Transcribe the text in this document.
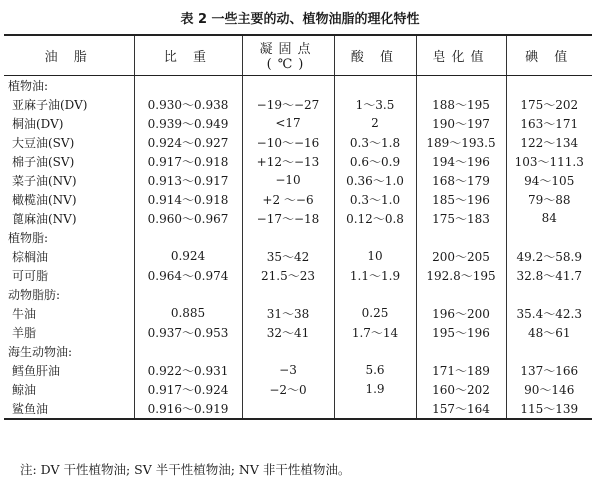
表 2 一些主要的动、植物油脂的理化特性
油 脂	比 重	凝固点(℃)	酸 值	皂化值	碘 值
植物油:					
亚麻子油(DV)	0.930～0.938	−19～−27	1～3.5	188～195	175～202
桐油(DV)	0.939～0.949	<17	2	190～197	163～171
大豆油(SV)	0.924～0.927	−10～−16	0.3～1.8	189～193.5	122～134
棉子油(SV)	0.917～0.918	+12～−13	0.6～0.9	194～196	103～111.3
菜子油(NV)	0.913～0.917	−10	0.36～1.0	168～179	94～105
橄榄油(NV)	0.914～0.918	+2 ～−6	0.3～1.0	185～196	79～88
蓖麻油(NV)	0.960～0.967	−17～−18	0.12～0.8	175～183	84
植物脂:					
棕榈油	0.924	35～42	10	200～205	49.2～58.9
可可脂	0.964～0.974	21.5～23	1.1～1.9	192.8～195	32.8～41.7
动物脂肪:					
牛油	0.885	31～38	0.25	196～200	35.4～42.3
羊脂	0.937～0.953	32～41	1.7～14	195～196	48～61
海生动物油:					
鳕鱼肝油	0.922～0.931	−3	5.6	171～189	137～166
鲸油	0.917～0.924	−2～0	1.9	160～202	90～146
鲨鱼油	0.916～0.919			157～164	115～139
注: DV 干性植物油; SV 半干性植物油; NV 非干性植物油。
